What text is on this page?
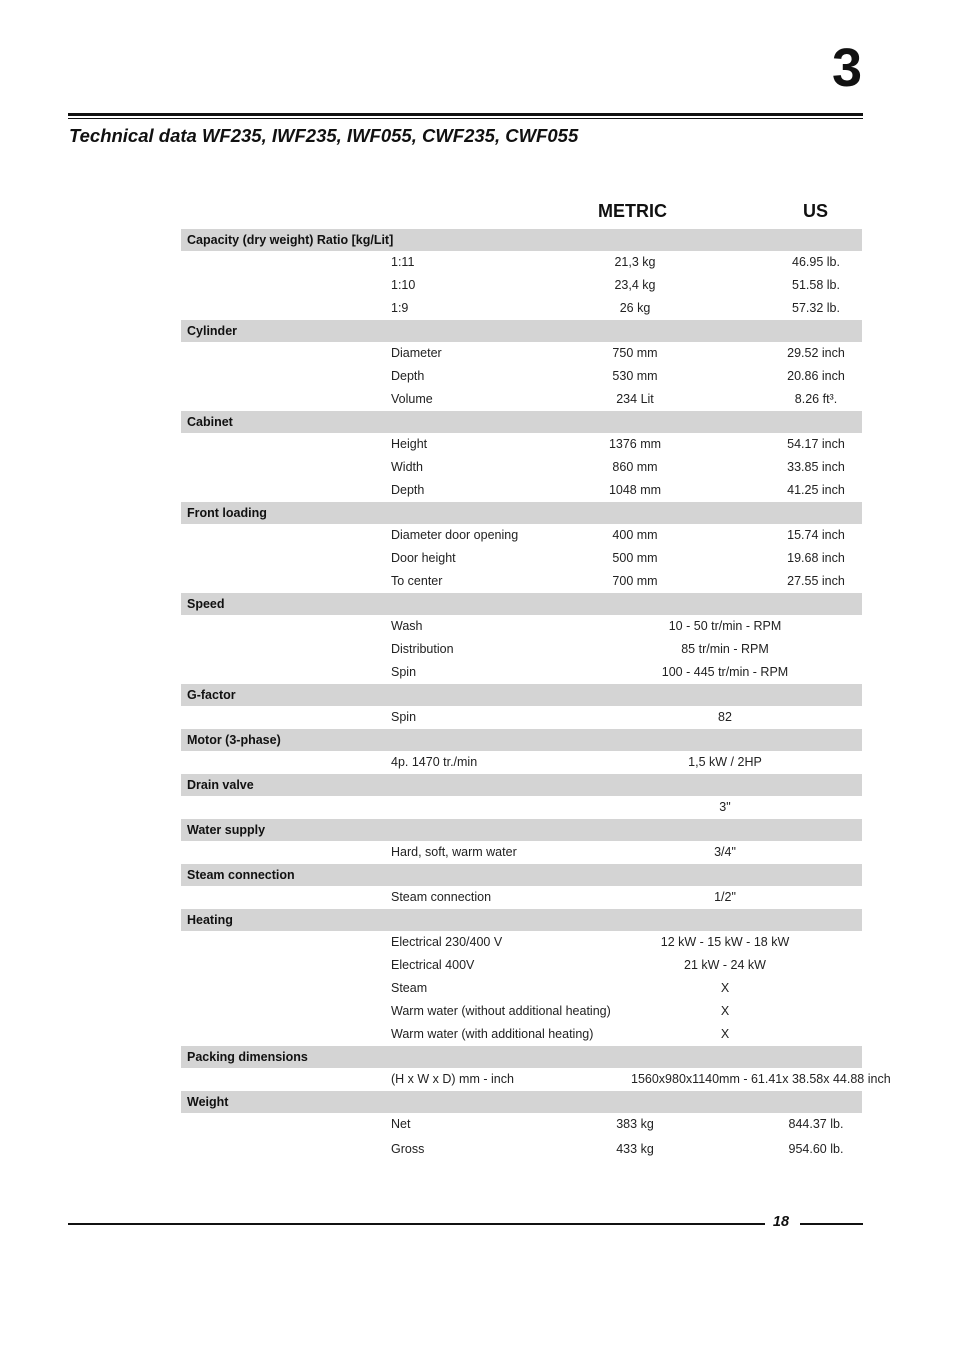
3
Technical data WF235, IWF235, IWF055, CWF235, CWF055
METRIC	US
Capacity (dry weight) Ratio [kg/Lit]
1:11	21,3 kg	46.95 lb.
1:10	23,4 kg	51.58 lb.
1:9	26 kg	57.32 lb.
Cylinder
Diameter	750 mm	29.52 inch
Depth	530 mm	20.86 inch
Volume	234 Lit	8.26 ft³.
Cabinet
Height	1376 mm	54.17 inch
Width	860 mm	33.85 inch
Depth	1048 mm	41.25 inch
Front loading
Diameter door opening	400 mm	15.74 inch
Door height	500 mm	19.68 inch
To center	700 mm	27.55 inch
Speed
Wash	10 - 50 tr/min - RPM
Distribution	85 tr/min - RPM
Spin	100 - 445 tr/min - RPM
G-factor
Spin	82
Motor (3-phase)
4p. 1470 tr./min	1,5 kW / 2HP
Drain valve
3"
Water supply
Hard, soft, warm water	3/4"
Steam connection
Steam connection	1/2"
Heating
Electrical 230/400 V	12 kW - 15 kW - 18 kW
Electrical 400V	21 kW - 24 kW
Steam	X
Warm water (without additional heating)	X
Warm water (with additional heating)	X
Packing dimensions
(H x W x D) mm - inch	1560x980x1140mm - 61.41x 38.58x 44.88 inch
Weight
Net	383 kg	844.37 lb.
Gross	433 kg	954.60 lb.
18
